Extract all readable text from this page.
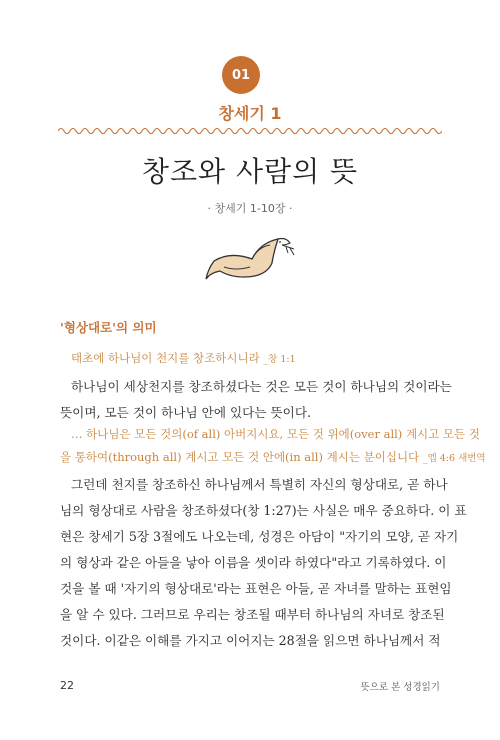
01
창세기 1
창조와 사람의 뜻
· 창세기 1-10장 ·
'형상대로'의 의미
태초에 하나님이 천지를 창조하시니라 _창 1:1
하나님이 세상천지를 창조하셨다는 것은 모든 것이 하나님의 것이라는
뜻이며, 모든 것이 하나님 안에 있다는 뜻이다.
… 하나님은 모든 것의(of all) 아버지시요, 모든 것 위에(over all) 계시고 모든 것
을 통하여(through all) 계시고 모든 것 안에(in all) 계시는 분이십니다 _엡 4:6 새번역
그런데 천지를 창조하신 하나님께서 특별히 자신의 형상대로, 곧 하나
님의 형상대로 사람을 창조하셨다(창 1:27)는 사실은 매우 중요하다. 이 표
현은 창세기 5장 3절에도 나오는데, 성경은 아담이 "자기의 모양, 곧 자기
의 형상과 같은 아들을 낳아 이름을 셋이라 하였다"라고 기록하였다. 이
것을 볼 때 '자기의 형상대로'라는 표현은 아들, 곧 자녀를 말하는 표현임
을 알 수 있다. 그러므로 우리는 창조될 때부터 하나님의 자녀로 창조된
것이다. 이같은 이해를 가지고 이어지는 28절을 읽으면 하나님께서 적
22	뜻으로 본 성경읽기
